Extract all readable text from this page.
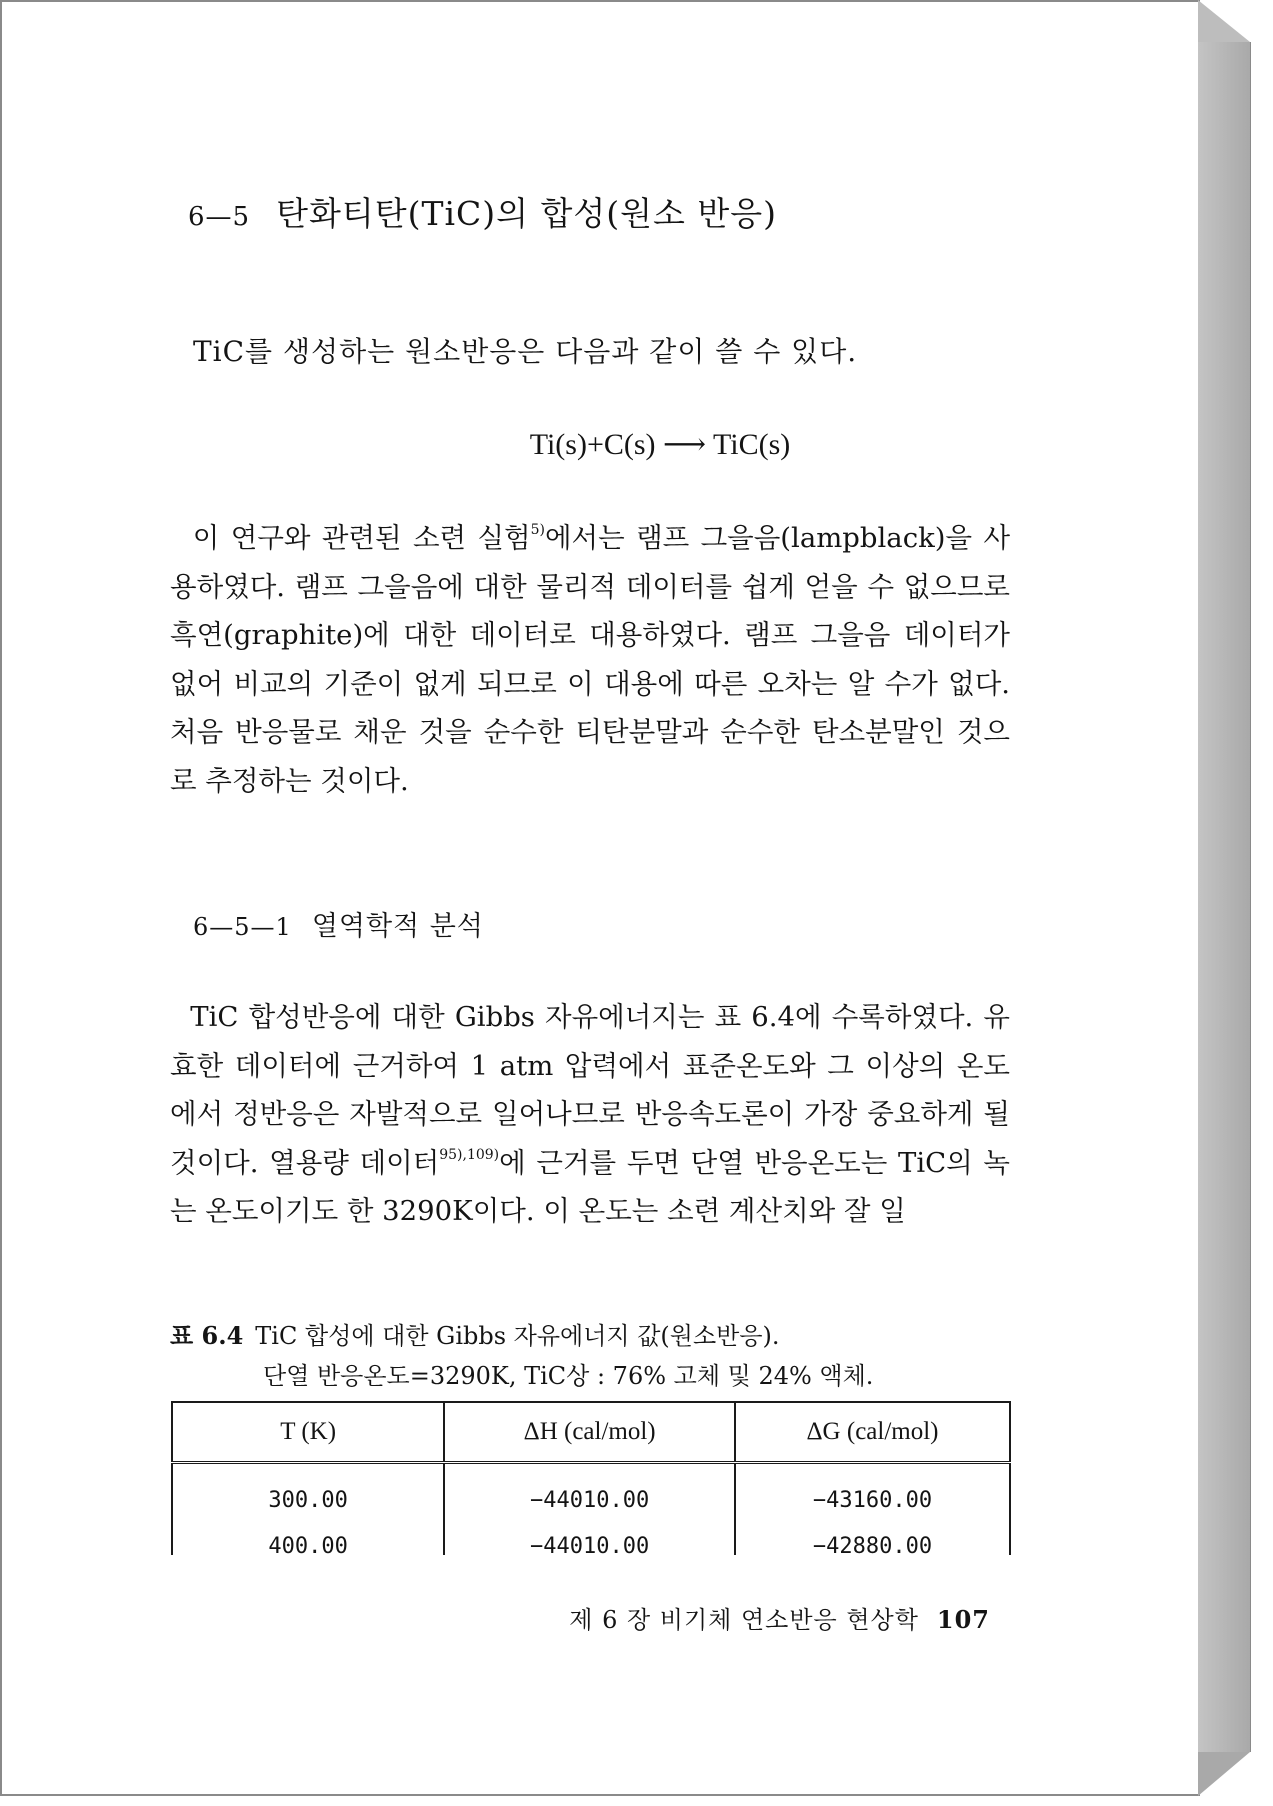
6—5 탄화티탄(TiC)의 합성(원소 반응)
TiC를 생성하는 원소반응은 다음과 같이 쓸 수 있다.
Ti(s)+C(s) ⟶ TiC(s)

이 연구와 관련된 소련 실험$^{5)}$에서는 램프 그을음(lampblack)을 사용하였다. 램프 그을음에 대한 물리적 데이터를 쉽게 얻을 수 없으므로 흑연(graphite)에 대한 데이터로 대용하였다. 램프 그을음 데이터가 없어 비교의 기준이 없게 되므로 이 대용에 따른 오차는 알 수가 없다. 처음 반응물로 채운 것을 순수한 티탄분말과 순수한 탄소분말인 것으로 추정하는 것이다.

6—5—1 열역학적 분석

TiC 합성반응에 대한 Gibbs 자유에너지는 표 6.4에 수록하였다. 유효한 데이터에 근거하여 1 atm 압력에서 표준온도와 그 이상의 온도에서 정반응은 자발적으로 일어나므로 반응속도론이 가장 중요하게 될 것이다. 열용량 데이터$^{95),109)}$에 근거를 두면 단열 반응온도는 TiC의 녹는 온도이기도 한 3290K이다. 이 온도는 소련 계산치와 잘 일

표 6.4 TiC 합성에 대한 Gibbs 자유에너지 값(원소반응).
단열 반응온도=3290K, TiC상 : 76% 고체 및 24% 액체.
T (K)	ΔH (cal/mol)	ΔG (cal/mol)
300.00	−44010.00	−43160.00
400.00	−44010.00	−42880.00
제 6 장 비기체 연소반응 현상학 107
